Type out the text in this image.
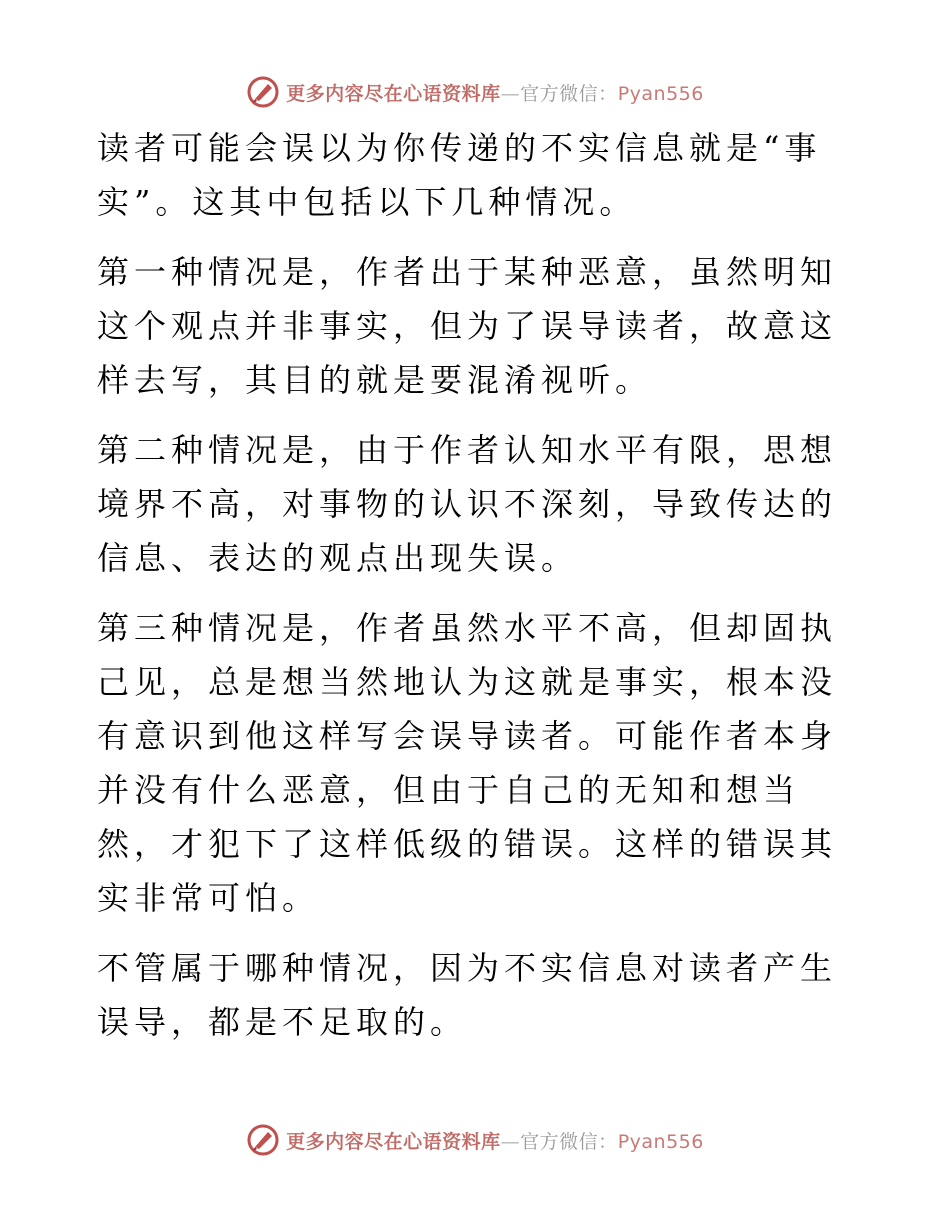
更多内容尽在心语资料库—官方微信：Pyan556

读者可能会误以为你传递的不实信息就是“事实”。这其中包括以下几种情况。

第一种情况是，作者出于某种恶意，虽然明知这个观点并非事实，但为了误导读者，故意这样去写，其目的就是要混淆视听。

第二种情况是，由于作者认知水平有限，思想境界不高，对事物的认识不深刻，导致传达的信息、表达的观点出现失误。

第三种情况是，作者虽然水平不高，但却固执己见，总是想当然地认为这就是事实，根本没有意识到他这样写会误导读者。可能作者本身并没有什么恶意，但由于自己的无知和想当然，才犯下了这样低级的错误。这样的错误其实非常可怕。

不管属于哪种情况，因为不实信息对读者产生误导，都是不足取的。

更多内容尽在心语资料库—官方微信：Pyan556
